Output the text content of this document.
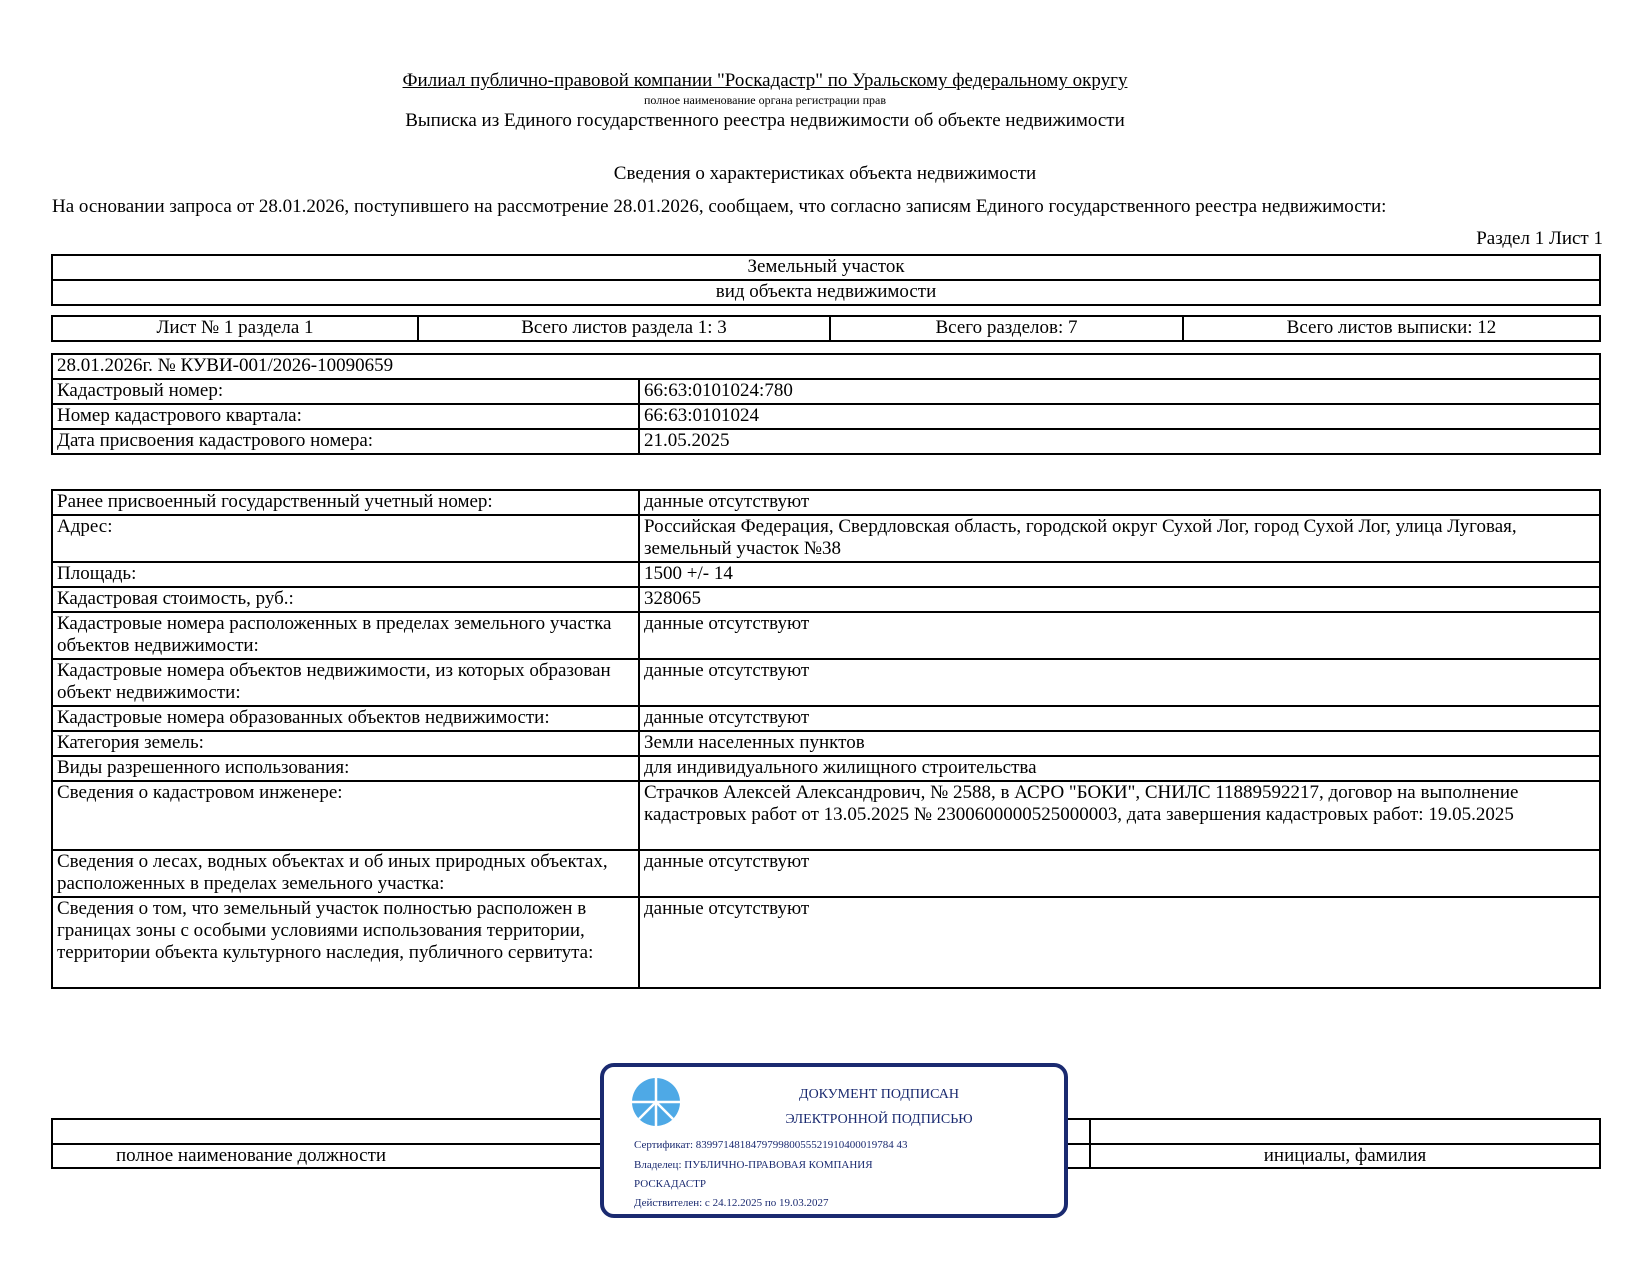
Филиал публично-правовой компании "Роскадастр" по Уральскому федеральному округу
полное наименование органа регистрации прав
Выписка из Единого государственного реестра недвижимости об объекте недвижимости
Сведения о характеристиках объекта недвижимости
На основании запроса от 28.01.2026, поступившего на рассмотрение 28.01.2026, сообщаем, что согласно записям Единого государственного реестра недвижимости:
Раздел 1 Лист 1
Земельный участок
вид объекта недвижимости
Лист № 1 раздела 1	Всего листов раздела 1: 3	Всего разделов: 7	Всего листов выписки: 12
28.01.2026г. № КУВИ-001/2026-10090659	
Кадастровый номер:	66:63:0101024:780
Номер кадастрового квартала:	66:63:0101024
Дата присвоения кадастрового номера:	21.05.2025
Ранее присвоенный государственный учетный номер:	данные отсутствуют
Адрес:	Российская Федерация, Свердловская область, городской округ Сухой Лог, город Сухой Лог, улица Луговая, земельный участок №38
Площадь:	1500 +/- 14
Кадастровая стоимость, руб.:	328065
Кадастровые номера расположенных в пределах земельного участка объектов недвижимости:	данные отсутствуют
Кадастровые номера объектов недвижимости, из которых образован объект недвижимости:	данные отсутствуют
Кадастровые номера образованных объектов недвижимости:	данные отсутствуют
Категория земель:	Земли населенных пунктов
Виды разрешенного использования:	для индивидуального жилищного строительства
Сведения о кадастровом инженере:	Страчков Алексей Александрович, № 2588, в АСРО "БОКИ", СНИЛС 11889592217, договор на выполнение кадастровых работ от 13.05.2025 № 2300600000525000003, дата завершения кадастровых работ: 19.05.2025
Сведения о лесах, водных объектах и об иных природных объектах, расположенных в пределах земельного участка:	данные отсутствуют
Сведения о том, что земельный участок полностью расположен в границах зоны с особыми условиями использования территории, территории объекта культурного наследия, публичного сервитута:	данные отсутствуют

полное наименование должности	инициалы, фамилия
ДОКУМЕНТ ПОДПИСАН
ЭЛЕКТРОННОЙ ПОДПИСЬЮ
Сертификат: 839971481847979980055521910400019784 43
Владелец: ПУБЛИЧНО-ПРАВОВАЯ КОМПАНИЯ
РОСКАДАСТР
Действителен: с 24.12.2025 по 19.03.2027
